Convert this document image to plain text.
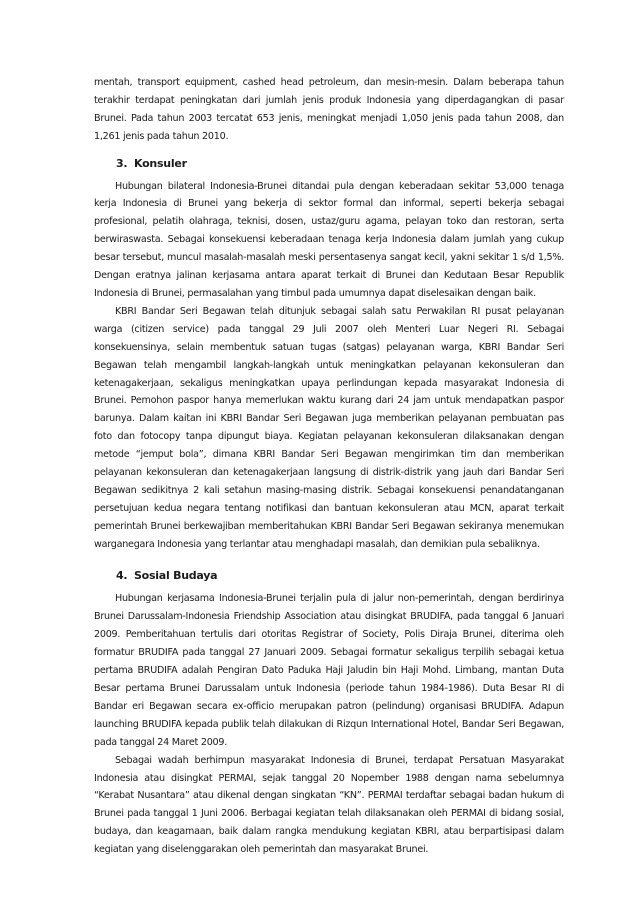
mentah, transport equipment, cashed head petroleum, dan mesin-mesin. Dalam beberapa tahun terakhir terdapat peningkatan dari jumlah jenis produk Indonesia yang diperdagangkan di pasar Brunei. Pada tahun 2003 tercatat 653 jenis, meningkat menjadi 1,050 jenis pada tahun 2008, dan 1,261 jenis pada tahun 2010.

3. Konsuler

Hubungan bilateral Indonesia-Brunei ditandai pula dengan keberadaan sekitar 53,000 tenaga kerja Indonesia di Brunei yang bekerja di sektor formal dan informal, seperti bekerja sebagai profesional, pelatih olahraga, teknisi, dosen, ustaz/guru agama, pelayan toko dan restoran, serta berwiraswasta. Sebagai konsekuensi keberadaan tenaga kerja Indonesia dalam jumlah yang cukup besar tersebut, muncul masalah-masalah meski persentasenya sangat kecil, yakni sekitar 1 s/d 1,5%. Dengan eratnya jalinan kerjasama antara aparat terkait di Brunei dan Kedutaan Besar Republik Indonesia di Brunei, permasalahan yang timbul pada umumnya dapat diselesaikan dengan baik.

KBRI Bandar Seri Begawan telah ditunjuk sebagai salah satu Perwakilan RI pusat pelayanan warga (citizen service) pada tanggal 29 Juli 2007 oleh Menteri Luar Negeri RI. Sebagai konsekuensinya, selain membentuk satuan tugas (satgas) pelayanan warga, KBRI Bandar Seri Begawan telah mengambil langkah-langkah untuk meningkatkan pelayanan kekonsuleran dan ketenagakerjaan, sekaligus meningkatkan upaya perlindungan kepada masyarakat Indonesia di Brunei. Pemohon paspor hanya memerlukan waktu kurang dari 24 jam untuk mendapatkan paspor barunya. Dalam kaitan ini KBRI Bandar Seri Begawan juga memberikan pelayanan pembuatan pas foto dan fotocopy tanpa dipungut biaya. Kegiatan pelayanan kekonsuleran dilaksanakan dengan metode “jemput bola”, dimana KBRI Bandar Seri Begawan mengirimkan tim dan memberikan pelayanan kekonsuleran dan ketenagakerjaan langsung di distrik-distrik yang jauh dari Bandar Seri Begawan sedikitnya 2 kali setahun masing-masing distrik. Sebagai konsekuensi penandatanganan persetujuan kedua negara tentang notifikasi dan bantuan kekonsuleran atau MCN, aparat terkait pemerintah Brunei berkewajiban memberitahukan KBRI Bandar Seri Begawan sekiranya menemukan warganegara Indonesia yang terlantar atau menghadapi masalah, dan demikian pula sebaliknya.

4. Sosial Budaya

Hubungan kerjasama Indonesia-Brunei terjalin pula di jalur non-pemerintah, dengan berdirinya Brunei Darussalam-Indonesia Friendship Association atau disingkat BRUDIFA, pada tanggal 6 Januari 2009. Pemberitahuan tertulis dari otoritas Registrar of Society, Polis Diraja Brunei, diterima oleh formatur BRUDIFA pada tanggal 27 Januari 2009. Sebagai formatur sekaligus terpilih sebagai ketua pertama BRUDIFA adalah Pengiran Dato Paduka Haji Jaludin bin Haji Mohd. Limbang, mantan Duta Besar pertama Brunei Darussalam untuk Indonesia (periode tahun 1984-1986). Duta Besar RI di Bandar eri Begawan secara ex-officio merupakan patron (pelindung) organisasi BRUDIFA. Adapun launching BRUDIFA kepada publik telah dilakukan di Rizqun International Hotel, Bandar Seri Begawan, pada tanggal 24 Maret 2009.

Sebagai wadah berhimpun masyarakat Indonesia di Brunei, terdapat Persatuan Masyarakat Indonesia atau disingkat PERMAI, sejak tanggal 20 Nopember 1988 dengan nama sebelumnya “Kerabat Nusantara” atau dikenal dengan singkatan “KN”. PERMAI terdaftar sebagai badan hukum di Brunei pada tanggal 1 Juni 2006. Berbagai kegiatan telah dilaksanakan oleh PERMAI di bidang sosial, budaya, dan keagamaan, baik dalam rangka mendukung kegiatan KBRI, atau berpartisipasi dalam kegiatan yang diselenggarakan oleh pemerintah dan masyarakat Brunei.
